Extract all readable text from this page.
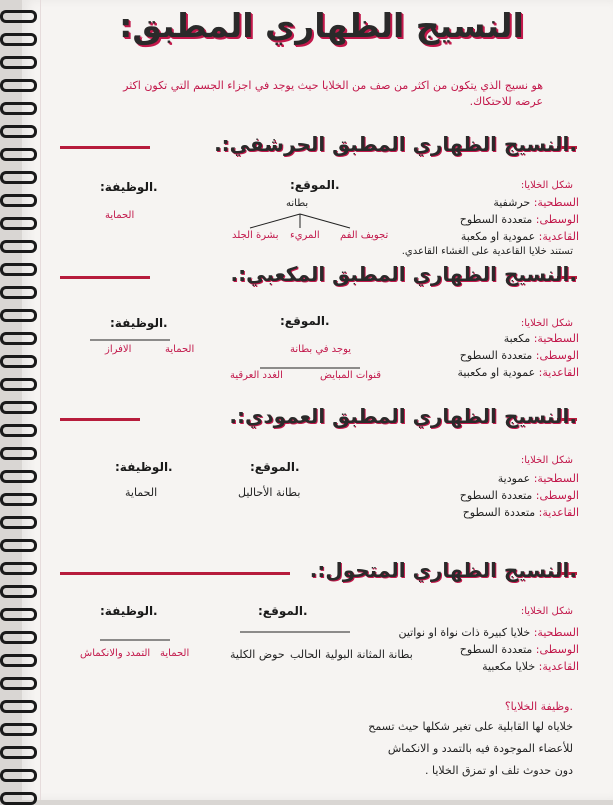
النسيج الظهاري المطبق:
هو نسيج الذي يتكون من اكثر من صف من الخلايا حيث يوجد في اجزاء الجسم التي تكون اكثر عرضه للاحتكاك.
.النسيج الظهاري المطبق الحرشفي:.
.الوظيفة:
الحماية
.الموقع:
بطانه
بشرة الجلد المريء تجويف الفم
شكل الخلايا:
السطحية: حرشفية
الوسطى: متعددة السطوح
القاعدية: عمودية او مكعبة
تستند خلايا القاعدية على الغشاء القاعدي.
.النسيج الظهاري المطبق المكعبي:.
.الوظيفة:
الافراز	الحماية
.الموقع:
يوجد في بطانة
الغدد العرقية	قنوات المبايض
شكل الخلايا:
السطحية: مكعبة
الوسطى: متعددة السطوح
القاعدية: عمودية او مكعبية
.النسيج الظهاري المطبق العمودي:.
.الوظيفة:
الحماية
.الموقع:
بطانة الأحاليل
شكل الخلايا:
السطحية: عمودية
الوسطى: متعددة السطوح
القاعدية: متعددة السطوح
.النسيج الظهاري المتحول:.
.الوظيفة:
التمدد والانكماش الحماية
.الموقع:
حوض الكلية الحالب بطانة المثانة البولية
شكل الخلايا:
السطحية: خلايا كبيرة ذات نواة او نواتين
الوسطى: متعددة السطوح
القاعدية: خلايا مكعبية
.وظيفة الخلايا؟
خلاياه لها القابلية على تغير شكلها حيث تسمح
للأعضاء الموجودة فيه بالتمدد و الانكماش
دون حدوث تلف او تمزق الخلايا .
